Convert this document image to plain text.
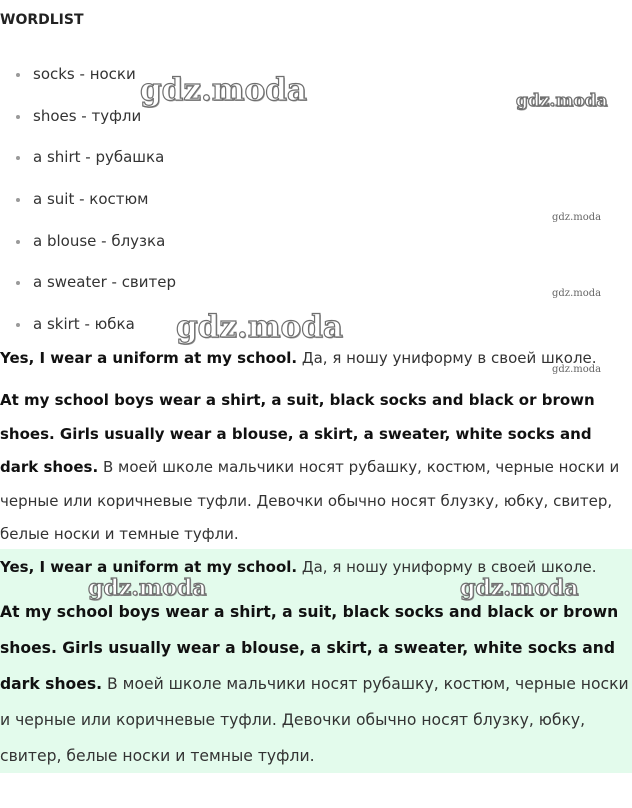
WORDLIST
socks - носки
shoes - туфли
a shirt - рубашка
a suit - костюм
a blouse - блузка
a sweater - свитер
a skirt - юбка

Yes, I wear a uniform at my school. Да, я ношу униформу в своей школе.

At my school boys wear a shirt, a suit, black socks and black or brown shoes. Girls usually wear a blouse, a skirt, a sweater, white socks and dark shoes. В моей школе мальчики носят рубашку, костюм, черные носки и черные или коричневые туфли. Девочки обычно носят блузку, юбку, свитер, белые носки и темные туфли.

Yes, I wear a uniform at my school. Да, я ношу униформу в своей школе.

At my school boys wear a shirt, a suit, black socks and black or brown shoes. Girls usually wear a blouse, a skirt, a sweater, white socks and dark shoes. В моей школе мальчики носят рубашку, костюм, черные носки и черные или коричневые туфли. Девочки обычно носят блузку, юбку, свитер, белые носки и темные туфли.

gdz.moda	gdz.moda
gdz.moda
gdz.moda
gdz.moda
gdz.moda
gdz.moda	gdz.moda
